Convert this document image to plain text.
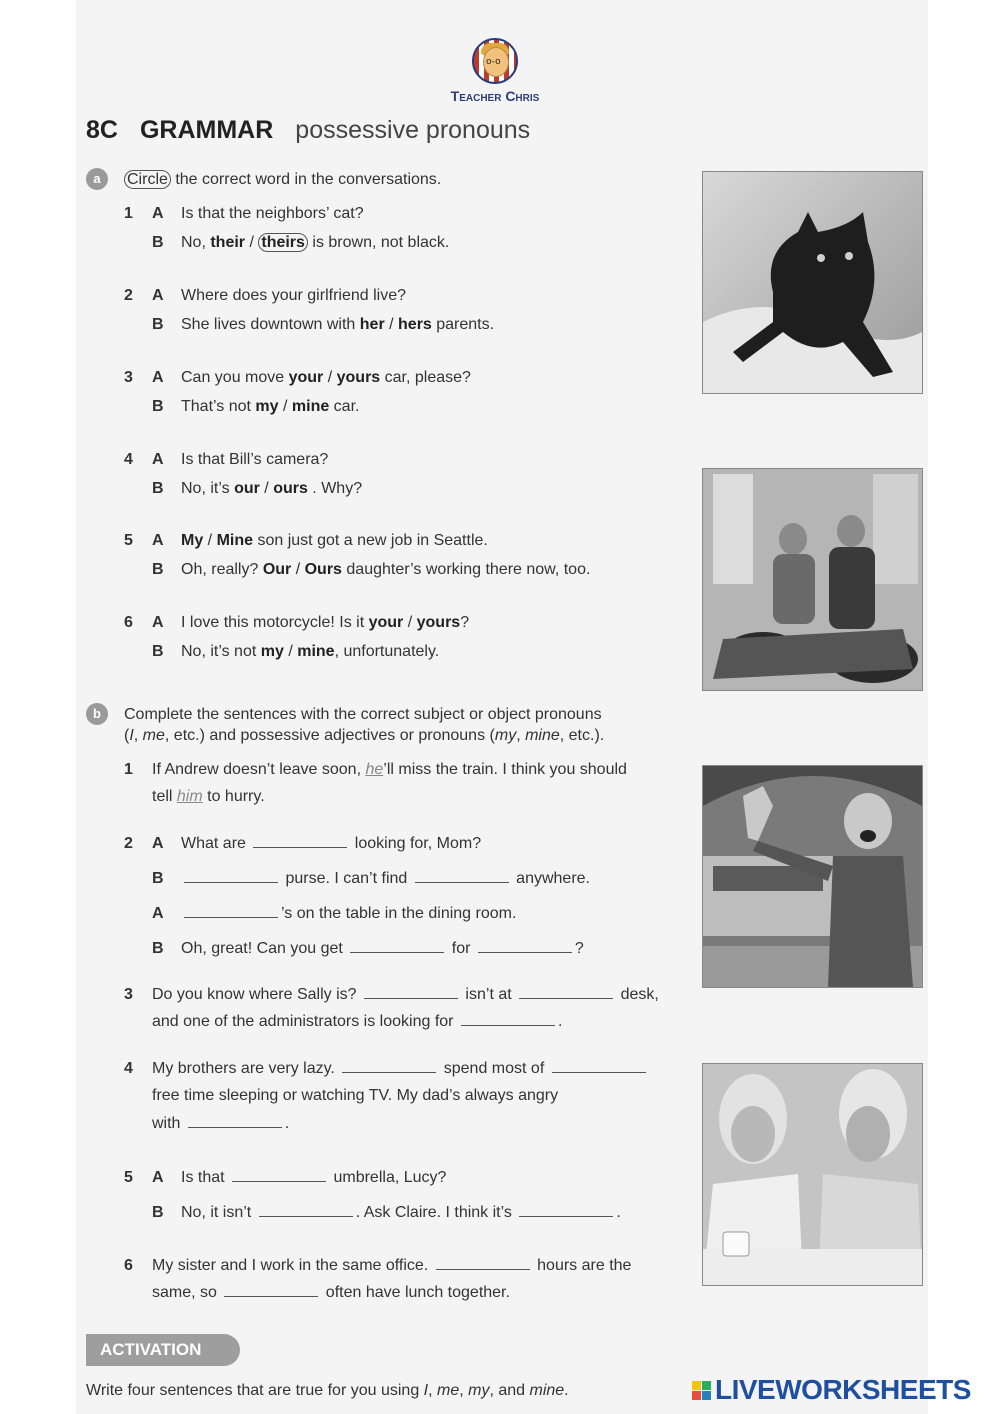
o-o
Teacher Chris
8C GRAMMAR possessive pronouns
a	Circle the correct word in the conversations.
1 A
B
Is that the neighbors’ cat?
No, their / theirs is brown, not black.
2 A
B
Where does your girlfriend live?
She lives downtown with her / hers parents.
3 A
B
Can you move your / yours car, please?
That’s not my / mine car.
4 A
B
Is that Bill’s camera?
No, it’s our / ours . Why?
5 A
B
My / Mine son just got a new job in Seattle.
Oh, really? Our / Ours daughter’s working there now, too.
6 A
B
I love this motorcycle! Is it your / yours?
No, it’s not my / mine, unfortunately.
b	Complete the sentences with the correct subject or object pronouns
(I, me, etc.) and possessive adjectives or pronouns (my, mine, etc.).
1 If Andrew doesn’t leave soon, he’ll miss the train. I think you should
tell him to hurry.
2 A What are	looking for, Mom?
B	purse. I can’t find	anywhere.
A	’s on the table in the dining room.
B Oh, great! Can you get	for	?
3 Do you know where Sally is?	isn’t at	desk,
and one of the administrators is looking for	.
4 My brothers are very lazy.	spend most of
free time sleeping or watching TV. My dad’s always angry
with	.
5 A Is that	umbrella, Lucy?
B No, it isn’t	. Ask Claire. I think it’s	.
6 My sister and I work in the same office.	hours are the
same, so	often have lunch together.
ACTIVATION
Write four sentences that are true for you using I, me, my, and mine.	LIVEWORKSHEETS
